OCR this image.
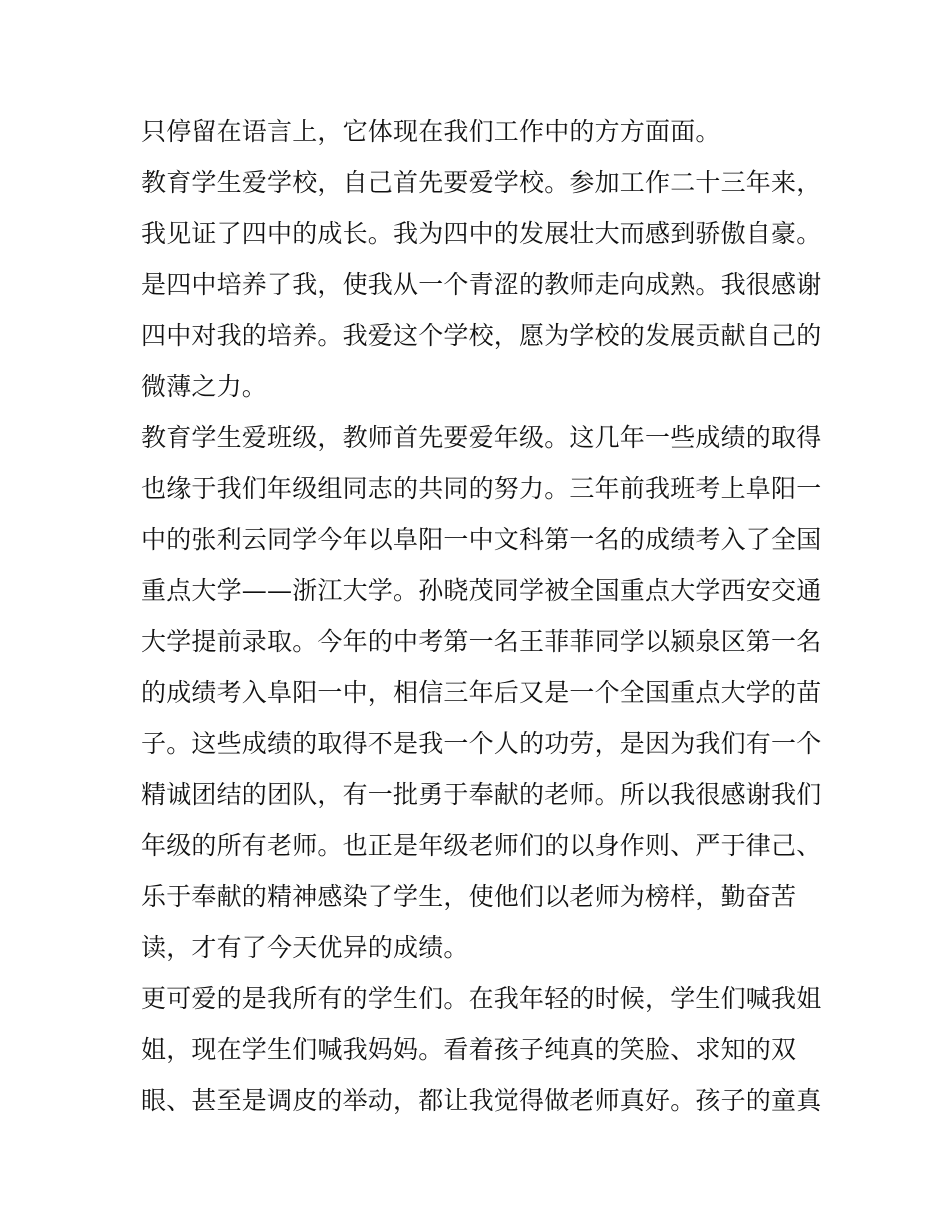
只停留在语言上，它体现在我们工作中的方方面面。
教育学生爱学校，自己首先要爱学校。参加工作二十三年来，
我见证了四中的成长。我为四中的发展壮大而感到骄傲自豪。
是四中培养了我，使我从一个青涩的教师走向成熟。我很感谢
四中对我的培养。我爱这个学校，愿为学校的发展贡献自己的
微薄之力。
教育学生爱班级，教师首先要爱年级。这几年一些成绩的取得
也缘于我们年级组同志的共同的努力。三年前我班考上阜阳一
中的张利云同学今年以阜阳一中文科第一名的成绩考入了全国
重点大学——浙江大学。孙晓茂同学被全国重点大学西安交通
大学提前录取。今年的中考第一名王菲菲同学以颍泉区第一名
的成绩考入阜阳一中，相信三年后又是一个全国重点大学的苗
子。这些成绩的取得不是我一个人的功劳，是因为我们有一个
精诚团结的团队，有一批勇于奉献的老师。所以我很感谢我们
年级的所有老师。也正是年级老师们的以身作则、严于律己、
乐于奉献的精神感染了学生，使他们以老师为榜样，勤奋苦
读，才有了今天优异的成绩。
更可爱的是我所有的学生们。在我年轻的时候，学生们喊我姐
姐，现在学生们喊我妈妈。看着孩子纯真的笑脸、求知的双
眼、甚至是调皮的举动，都让我觉得做老师真好。孩子的童真
